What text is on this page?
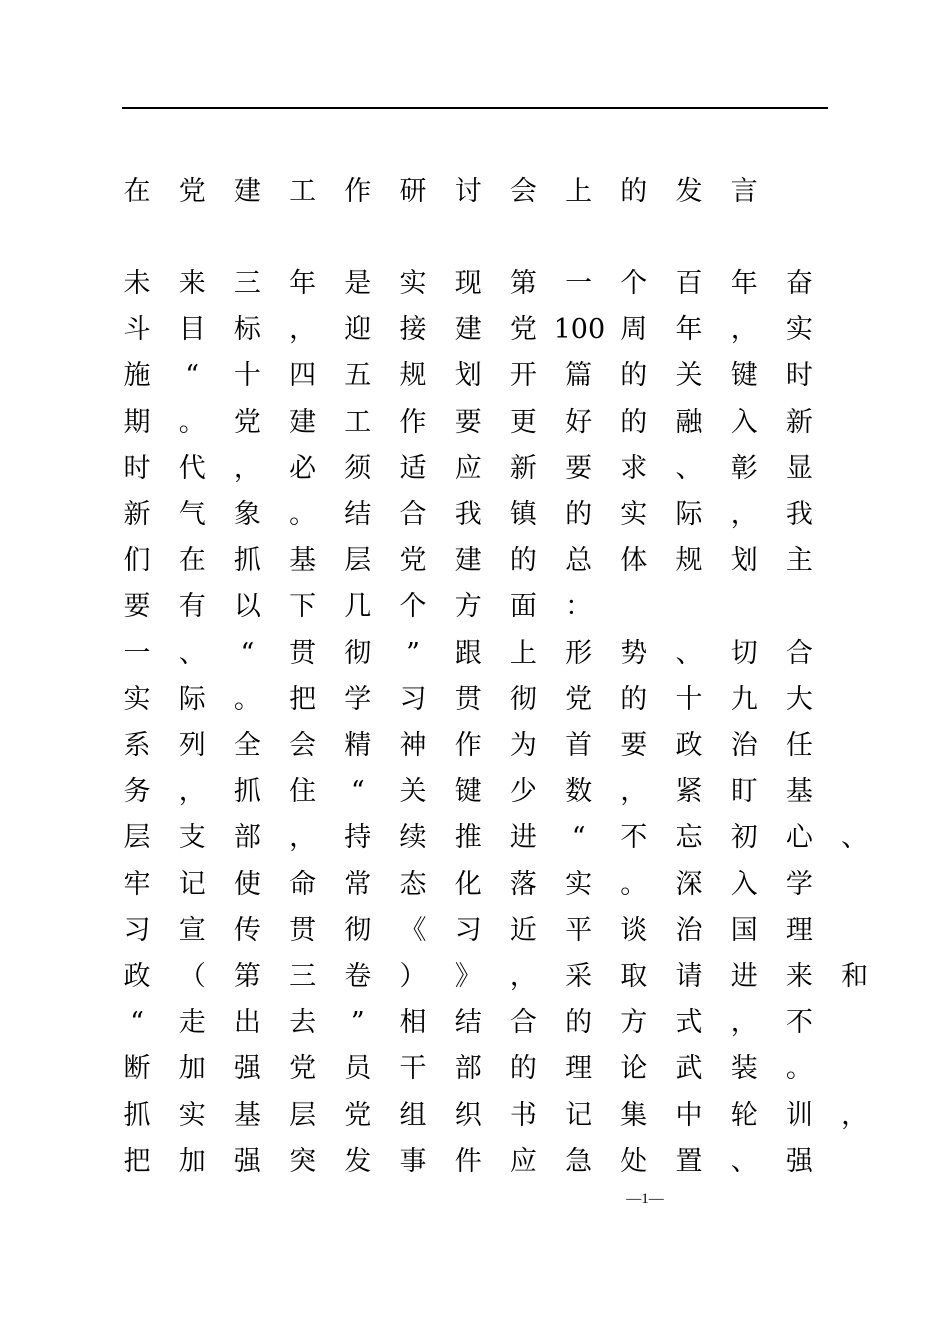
在 党 建 工 作 研 讨 会 上 的 发 言
未 来 三 年 是 实 现 第 一 个 百 年 奋
斗 目 标 ， 迎 接 建 党 100 周 年 ， 实
施 “ 十 四 五 规 划 开 篇 的 关 键 时
期 。 党 建 工 作 要 更 好 的 融 入 新
时 代 ， 必 须 适 应 新 要 求 、 彰 显
新 气 象 。 结 合 我 镇 的 实 际 ， 我
们 在 抓 基 层 党 建 的 总 体 规 划 主
要 有 以 下 几 个 方 面 ：
一 、 “ 贯 彻 ” 跟 上 形 势 、 切 合
实 际 。 把 学 习 贯 彻 党 的 十 九 大
系 列 全 会 精 神 作 为 首 要 政 治 任
务 ， 抓 住 “ 关 键 少 数 ， 紧 盯 基
层 支 部 ， 持 续 推 进 “ 不 忘 初 心 、
牢 记 使 命 常 态 化 落 实 。 深 入 学
习 宣 传 贯 彻 《 习 近 平 谈 治 国 理
政 （ 第 三 卷 ） 》 ， 采 取 请 进 来 和
“ 走 出 去 ” 相 结 合 的 方 式 ， 不
断 加 强 党 员 干 部 的 理 论 武 装 。
抓 实 基 层 党 组 织 书 记 集 中 轮 训 ，
把 加 强 突 发 事 件 应 急 处 置 、 强
—1—
